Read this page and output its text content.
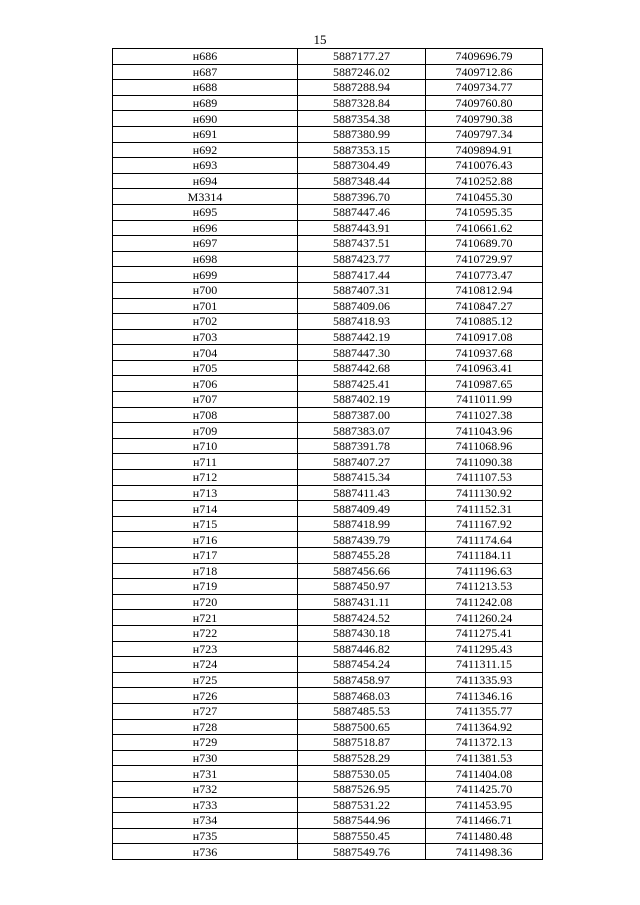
15
н686	5887177.27	7409696.79
н687	5887246.02	7409712.86
н688	5887288.94	7409734.77
н689	5887328.84	7409760.80
н690	5887354.38	7409790.38
н691	5887380.99	7409797.34
н692	5887353.15	7409894.91
н693	5887304.49	7410076.43
н694	5887348.44	7410252.88
М3314	5887396.70	7410455.30
н695	5887447.46	7410595.35
н696	5887443.91	7410661.62
н697	5887437.51	7410689.70
н698	5887423.77	7410729.97
н699	5887417.44	7410773.47
н700	5887407.31	7410812.94
н701	5887409.06	7410847.27
н702	5887418.93	7410885.12
н703	5887442.19	7410917.08
н704	5887447.30	7410937.68
н705	5887442.68	7410963.41
н706	5887425.41	7410987.65
н707	5887402.19	7411011.99
н708	5887387.00	7411027.38
н709	5887383.07	7411043.96
н710	5887391.78	7411068.96
н711	5887407.27	7411090.38
н712	5887415.34	7411107.53
н713	5887411.43	7411130.92
н714	5887409.49	7411152.31
н715	5887418.99	7411167.92
н716	5887439.79	7411174.64
н717	5887455.28	7411184.11
н718	5887456.66	7411196.63
н719	5887450.97	7411213.53
н720	5887431.11	7411242.08
н721	5887424.52	7411260.24
н722	5887430.18	7411275.41
н723	5887446.82	7411295.43
н724	5887454.24	7411311.15
н725	5887458.97	7411335.93
н726	5887468.03	7411346.16
н727	5887485.53	7411355.77
н728	5887500.65	7411364.92
н729	5887518.87	7411372.13
н730	5887528.29	7411381.53
н731	5887530.05	7411404.08
н732	5887526.95	7411425.70
н733	5887531.22	7411453.95
н734	5887544.96	7411466.71
н735	5887550.45	7411480.48
н736	5887549.76	7411498.36
